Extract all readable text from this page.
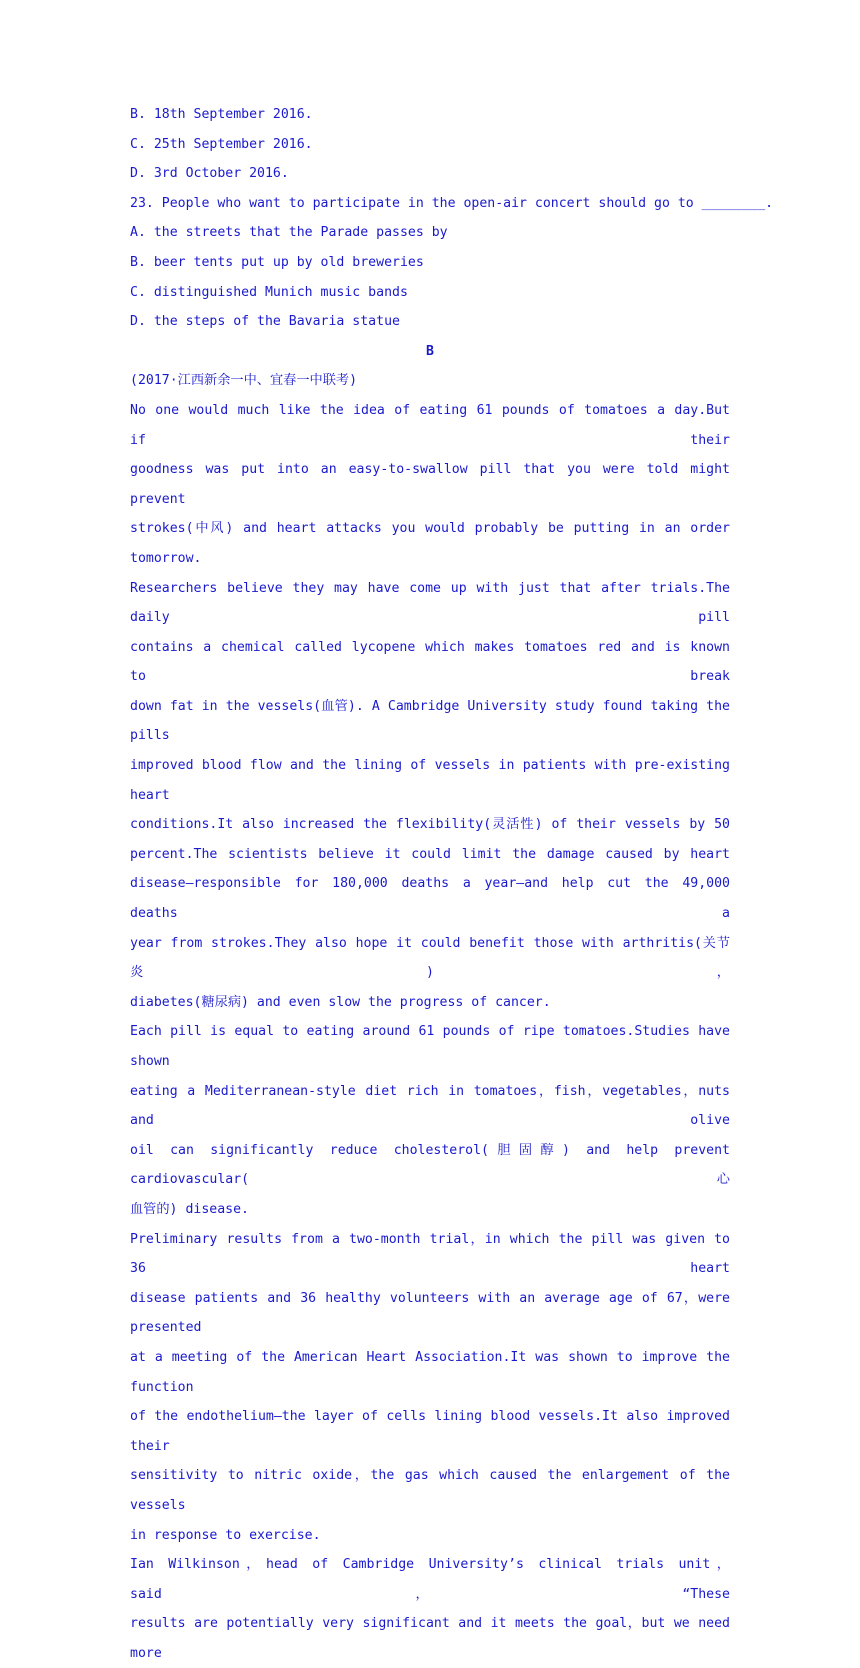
B. 18th September 2016.

C. 25th September 2016.

D. 3rd October 2016.

23. People who want to participate in the open-air concert should go to ________.

A. the streets that the Parade passes by

B. beer tents put up by old breweries

C. distinguished Munich music bands

D. the steps of the Bavaria statue

B

(2017·江西新余一中、宜春一中联考)

No one would much like the idea of eating 61 pounds of tomatoes a day.But if their
goodness was put into an easy-to-swallow pill that you were told might prevent
strokes(中风) and heart attacks you would probably be putting in an order tomorrow.
Researchers believe they may have come up with just that after trials.The daily pill
contains a chemical called lycopene which makes tomatoes red and is known to break
down fat in the vessels(血管). A Cambridge University study found taking the pills
improved blood flow and the lining of vessels in patients with pre-existing heart
conditions.It also increased the flexibility(灵活性) of their vessels by 50
percent.The scientists believe it could limit the damage caused by heart
disease—responsible for 180,000 deaths a year—and help cut the 49,000 deaths a
year from strokes.They also hope it could benefit those with arthritis(关节炎)，
diabetes(糖尿病) and even slow the progress of cancer.

Each pill is equal to eating around 61 pounds of ripe tomatoes.Studies have shown
eating a Mediterranean-style diet rich in tomatoes，fish，vegetables，nuts and olive
oil can significantly reduce cholesterol(胆固醇) and help prevent cardiovascular(心
血管的) disease.

Preliminary results from a two-month trial，in which the pill was given to 36 heart
disease patients and 36 healthy volunteers with an average age of 67，were presented
at a meeting of the American Heart Association.It was shown to improve the function
of the endothelium—the layer of cells lining blood vessels.It also improved their
sensitivity to nitric oxide，the gas which caused the enlargement of the vessels
in response to exercise.

Ian Wilkinson，head of Cambridge University’s clinical trials unit，said，“These
results are potentially very significant and it meets the goal，but we need more
